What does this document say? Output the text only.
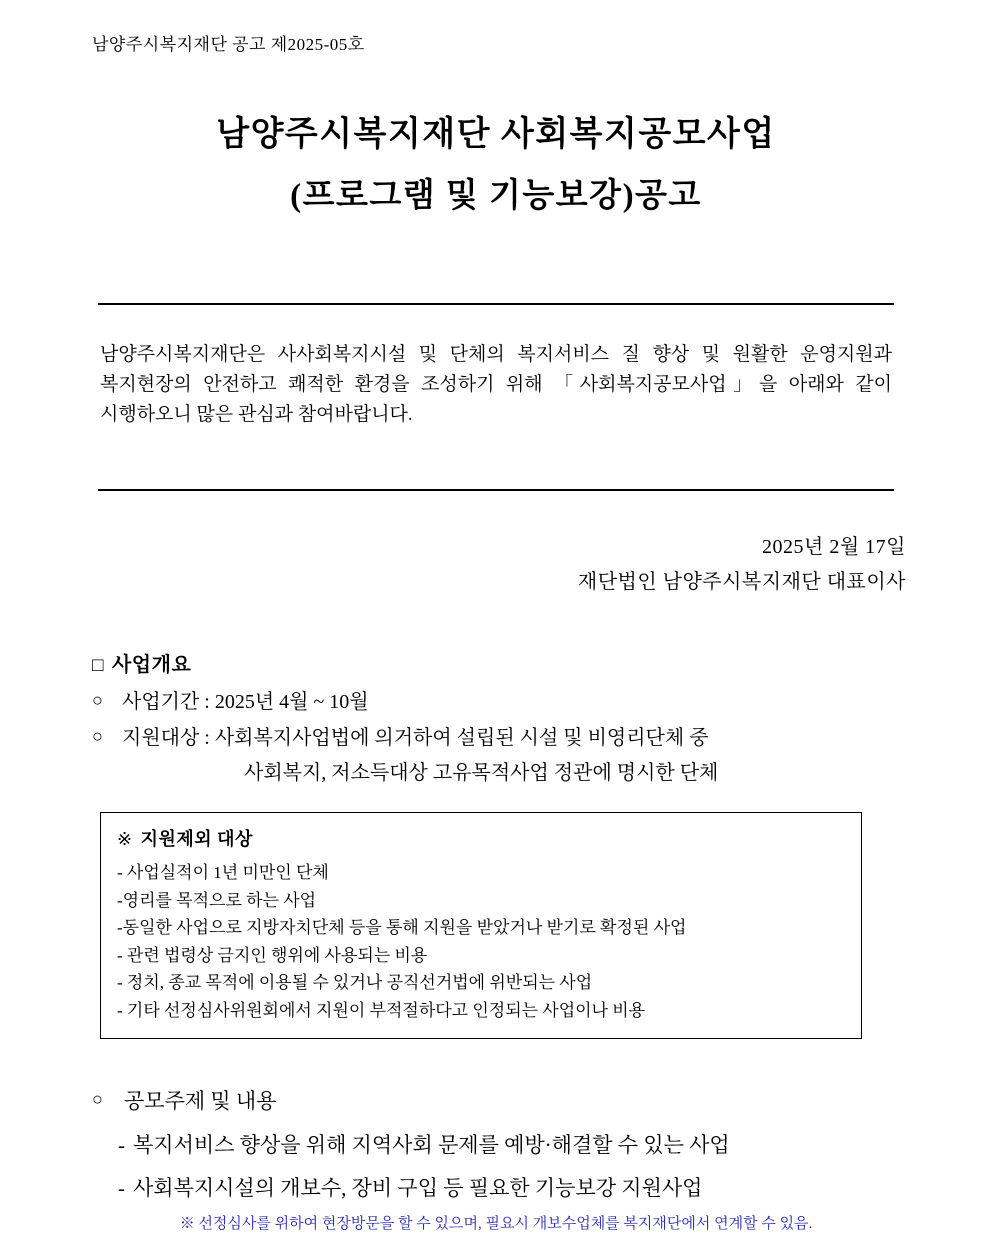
남양주시복지재단 공고 제2025-05호
남양주시복지재단 사회복지공모사업
(프로그램 및 기능보강)공고
남양주시복지재단은 사사회복지시설 및 단체의 복지서비스 질 향상 및 원활한 운영지원과 복지현장의 안전하고 쾌적한 환경을 조성하기 위해 「사회복지공모사업」을 아래와 같이 시행하오니 많은 관심과 참여바랍니다.
2025년 2월 17일
재단법인 남양주시복지재단 대표이사
□ 사업개요
○ 사업기간 : 2025년 4월 ~ 10월
○ 지원대상 : 사회복지사업법에 의거하여 설립된 시설 및 비영리단체 중
사회복지, 저소득대상 고유목적사업 정관에 명시한 단체
※ 지원제외 대상
- 사업실적이 1년 미만인 단체
-영리를 목적으로 하는 사업
-동일한 사업으로 지방자치단체 등을 통해 지원을 받았거나 받기로 확정된 사업
- 관련 법령상 금지인 행위에 사용되는 비용
- 정치, 종교 목적에 이용될 수 있거나 공직선거법에 위반되는 사업
- 기타 선정심사위원회에서 지원이 부적절하다고 인정되는 사업이나 비용
○	공모주제 및 내용
- 복지서비스 향상을 위해 지역사회 문제를 예방·해결할 수 있는 사업
- 사회복지시설의 개보수, 장비 구입 등 필요한 기능보강 지원사업
※ 선정심사를 위하여 현장방문을 할 수 있으며, 필요시 개보수업체를 복지재단에서 연계할 수 있음.
